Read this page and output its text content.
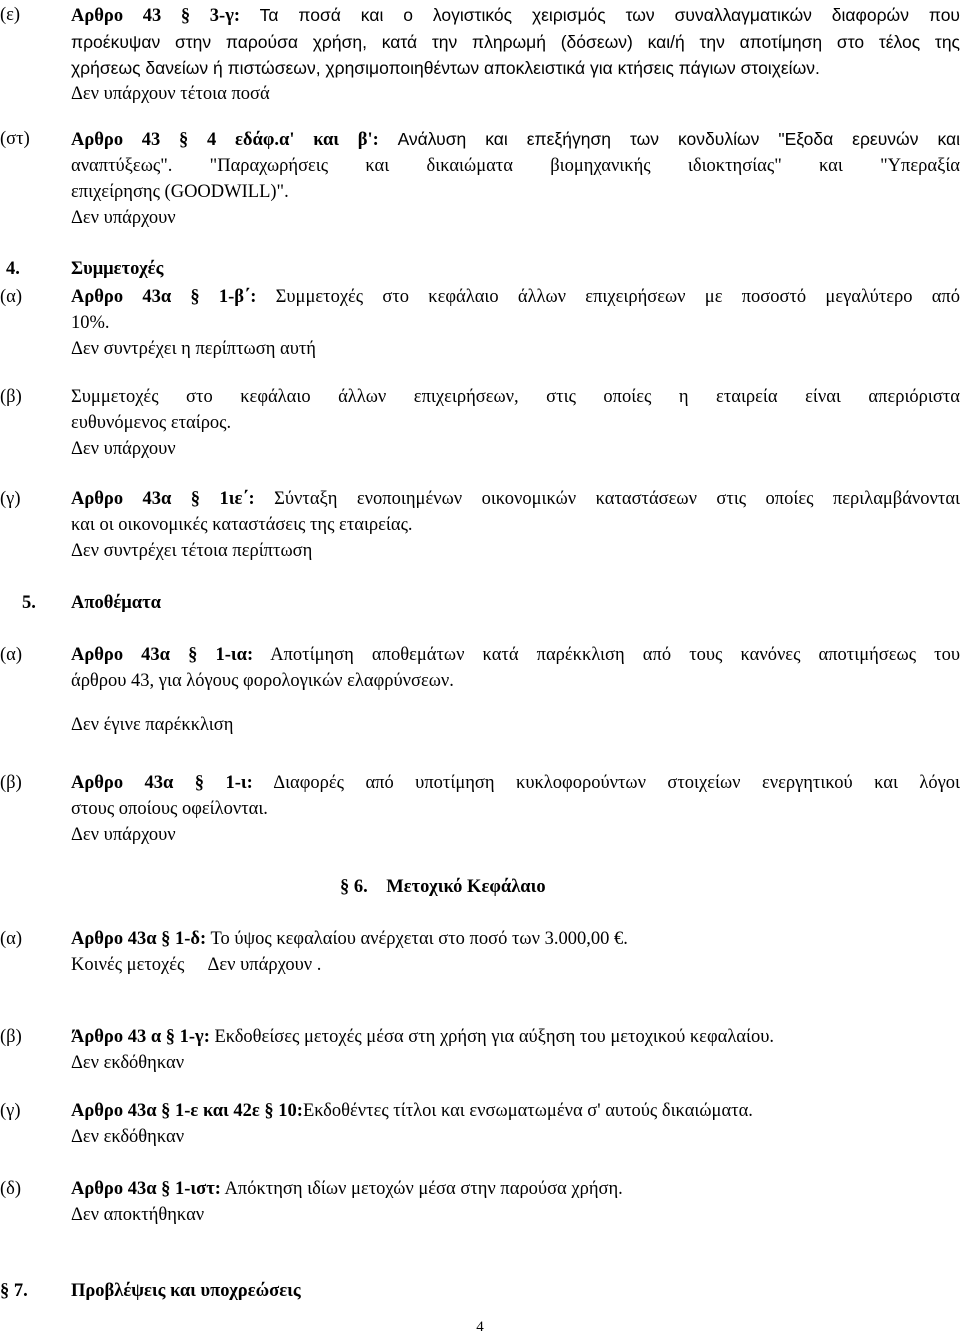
(ε)	Αρθρο 43 § 3-γ: Τα ποσά και ο λογιστικός χειρισμός των συναλλαγματικών διαφορών που
προέκυψαν στην παρούσα χρήση, κατά την πληρωμή (δόσεων) και/ή την αποτίμηση στο τέλος της
χρήσεως δανείων ή πιστώσεων, χρησιμοποιηθέντων αποκλειστικά για κτήσεις πάγιων στοιχείων.
Δεν υπάρχουν τέτοια ποσά
(στ) Αρθρο 43 § 4 εδάφ.α' και β': Ανάλυση και επεξήγηση των κονδυλίων "Εξοδα ερευνών και
αναπτύξεως". "Παραχωρήσεις και δικαιώματα βιομηχανικής ιδιοκτησίας" και "Υπεραξία
επιχείρησης (GOODWILL)".
Δεν υπάρχουν
4.	Συμμετοχές
(α)	Αρθρο 43α § 1-β΄: Συμμετοχές στο κεφάλαιο άλλων επιχειρήσεων με ποσοστό μεγαλύτερο από
10%.
Δεν συντρέχει η περίπτωση αυτή
(β)	Συμμετοχές στο κεφάλαιο άλλων επιχειρήσεων, στις οποίες η εταιρεία είναι απεριόριστα
ευθυνόμενος εταίρος.
Δεν υπάρχουν
(γ)	Αρθρο 43α § 1ιε΄: Σύνταξη ενοποιημένων οικονομικών καταστάσεων στις οποίες περιλαμβάνονται
και οι οικονομικές καταστάσεις της εταιρείας.
Δεν συντρέχει τέτοια περίπτωση
5. Αποθέματα
(α)	Αρθρο 43α § 1-ια: Αποτίμηση αποθεμάτων κατά παρέκκλιση από τους κανόνες αποτιμήσεως του
άρθρου 43, για λόγους φορολογικών ελαφρύνσεων.
Δεν έγινε παρέκκλιση
(β)	Αρθρο 43α § 1-ι: Διαφορές από υποτίμηση κυκλοφορούντων στοιχείων ενεργητικού και λόγοι
στους οποίους οφείλονται.
Δεν υπάρχουν
§ 6. Μετοχικό Κεφάλαιο
(α)	Αρθρο 43α § 1-δ: Το ύψος κεφαλαίου ανέρχεται στο ποσό των 3.000,00 €.
Κοινές μετοχές Δεν υπάρχουν .
(β)	Άρθρο 43 α § 1-γ: Εκδοθείσες μετοχές μέσα στη χρήση για αύξηση του μετοχικού κεφαλαίου.
Δεν εκδόθηκαν
(γ)	Αρθρο 43α § 1-ε και 42ε § 10:Εκδοθέντες τίτλοι και ενσωματωμένα σ' αυτούς δικαιώματα.
Δεν εκδόθηκαν
(δ)	Αρθρο 43α § 1-ιστ: Απόκτηση ιδίων μετοχών μέσα στην παρούσα χρήση.
Δεν αποκτήθηκαν
§ 7. Προβλέψεις και υποχρεώσεις
4
